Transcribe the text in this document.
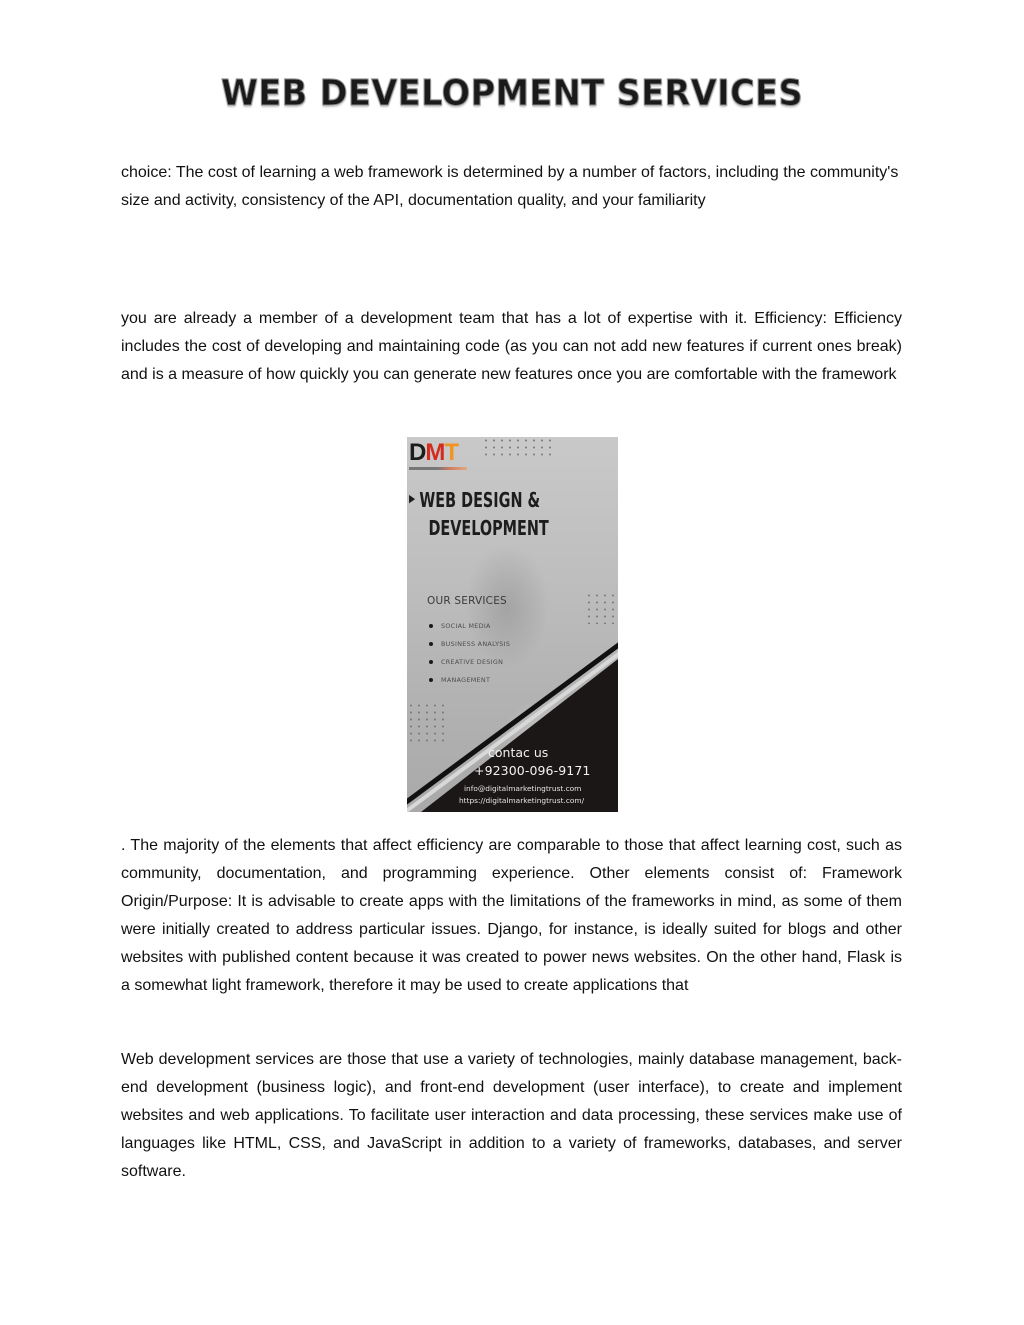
WEB DEVELOPMENT SERVICES

choice: The cost of learning a web framework is determined by a number of factors, including the community's size and activity, consistency of the API, documentation quality, and your familiarity

you are already a member of a development team that has a lot of expertise with it. Efficiency: Efficiency includes the cost of developing and maintaining code (as you can not add new features if current ones break) and is a measure of how quickly you can generate new features once you are comfortable with the framework

DMT
▶ WEB DESIGN &
DEVELOPMENT
OUR SERVICES
SOCIAL MEDIA
BUSINESS ANALYSIS
CREATIVE DESIGN
MANAGEMENT
contac us
+92300-096-9171
info@digitalmarketingtrust.com
https://digitalmarketingtrust.com/

. The majority of the elements that affect efficiency are comparable to those that affect learning cost, such as community, documentation, and programming experience. Other elements consist of: Framework Origin/Purpose: It is advisable to create apps with the limitations of the frameworks in mind, as some of them were initially created to address particular issues. Django, for instance, is ideally suited for blogs and other websites with published content because it was created to power news websites. On the other hand, Flask is a somewhat light framework, therefore it may be used to create applications that

Web development services are those that use a variety of technologies, mainly database management, back-end development (business logic), and front-end development (user interface), to create and implement websites and web applications. To facilitate user interaction and data processing, these services make use of languages like HTML, CSS, and JavaScript in addition to a variety of frameworks, databases, and server software.
